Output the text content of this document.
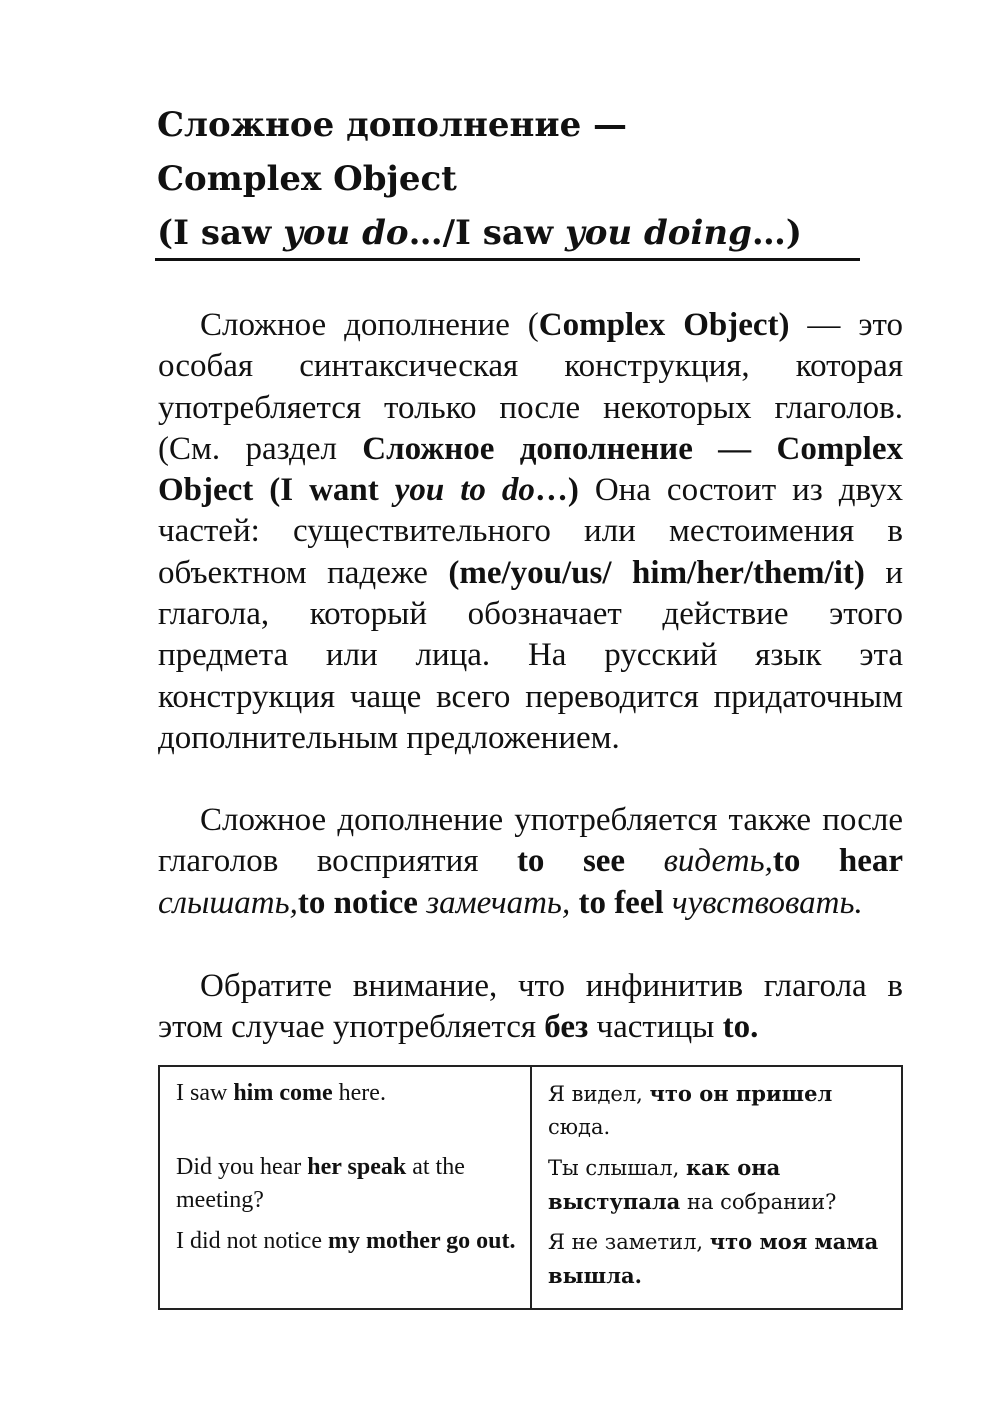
Сложное дополнение —
Complex Object
(I saw you do…/I saw you doing…)

Сложное дополнение (Complex Object) — это особая синтаксическая конструкция, которая употребляется только после некоторых глаголов. (См. раздел Сложное дополнение — Complex Object (I want you to do…) Она состоит из двух частей: существительного или местоимения в объектном падеже (me/you/us/ him/her/them/it) и глагола, который обозначает действие этого предмета или лица. На русский язык эта конструкция чаще всего переводится придаточным дополнительным предложением.

Сложное дополнение употребляется также после глаголов восприятия to see видеть,to hear слышать,to notice замечать, to feel чувствовать.

Обратите внимание, что инфинитив глагола в этом случае употребляется без частицы to.

I saw him come here.	Я видел, что он пришел сюда.
Did you hear her speak at the meeting?
Ты слышал, как она выступала на собрании?
I did not notice my mother go out. Я не заметил, что моя мама вышла.
